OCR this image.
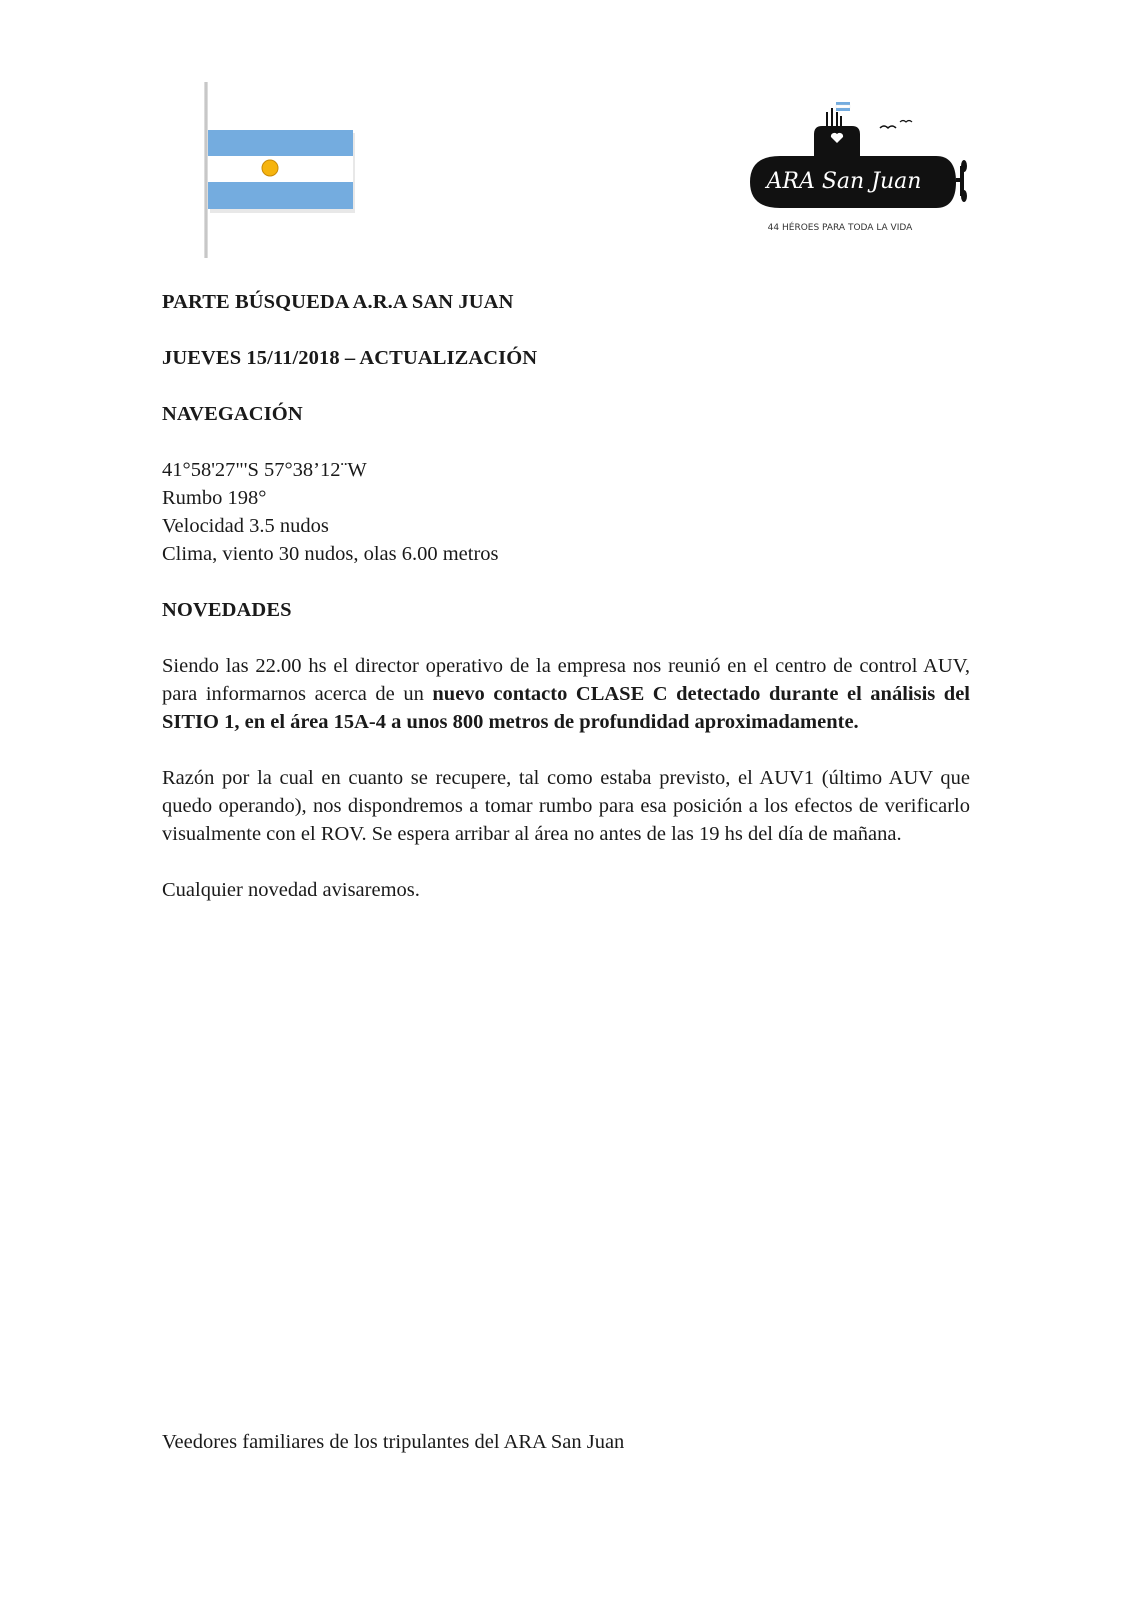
ARA San Juan
44 HÉROES PARA TODA LA VIDA

PARTE BÚSQUEDA A.R.A SAN JUAN

JUEVES 15/11/2018 – ACTUALIZACIÓN

NAVEGACIÓN

41°58'27"'S 57°38’12¨W

Rumbo 198°

Velocidad 3.5 nudos

Clima, viento 30 nudos, olas 6.00 metros

NOVEDADES

Siendo las 22.00 hs el director operativo de la empresa nos reunió en el centro de control AUV, para informarnos acerca de un nuevo contacto CLASE C detectado durante el análisis del SITIO 1, en el área 15A-4 a unos 800 metros de profundidad aproximadamente.

Razón por la cual en cuanto se recupere, tal como estaba previsto, el AUV1 (último AUV que quedo operando), nos dispondremos a tomar rumbo para esa posición a los efectos de verificarlo visualmente con el ROV. Se espera arribar al área no antes de las 19 hs del día de mañana.

Cualquier novedad avisaremos.

Veedores familiares de los tripulantes del ARA San Juan
